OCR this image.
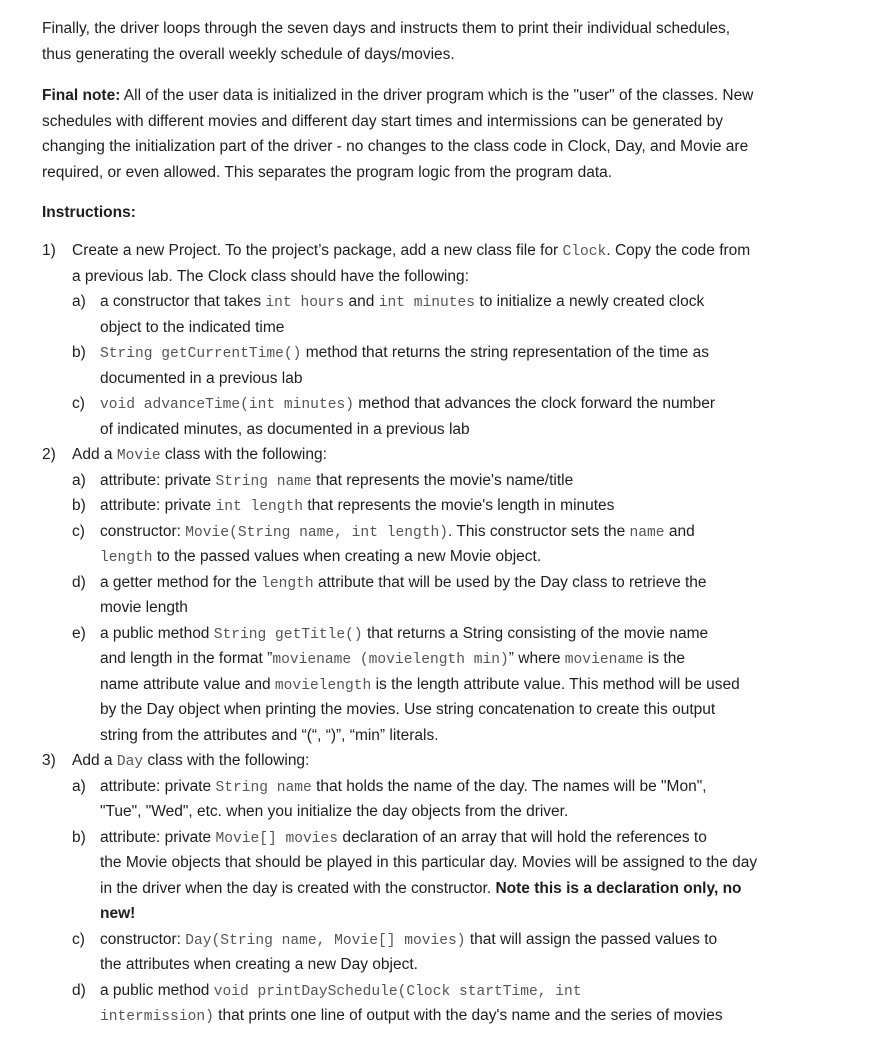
Finally, the driver loops through the seven days and instructs them to print their individual schedules,
thus generating the overall weekly schedule of days/movies.
Final note: All of the user data is initialized in the driver program which is the "user" of the classes. New
schedules with different movies and different day start times and intermissions can be generated by
changing the initialization part of the driver - no changes to the class code in Clock, Day, and Movie are
required, or even allowed. This separates the program logic from the program data.
Instructions:
1) Create a new Project. To the project’s package, add a new class file for Clock. Copy the code from
a previous lab. The Clock class should have the following:
a) a constructor that takes int hours and int minutes to initialize a newly created clock
object to the indicated time
b) String getCurrentTime() method that returns the string representation of the time as
documented in a previous lab
c) void advanceTime(int minutes) method that advances the clock forward the number
of indicated minutes, as documented in a previous lab
2) Add a Movie class with the following:
a) attribute: private String name that represents the movie's name/title
b) attribute: private int length that represents the movie's length in minutes
c) constructor: Movie(String name, int length). This constructor sets the name and
length to the passed values when creating a new Movie object.
d) a getter method for the length attribute that will be used by the Day class to retrieve the
movie length
e) a public method String getTitle() that returns a String consisting of the movie name
and length in the format ”moviename (movielength min)” where moviename is the
name attribute value and movielength is the length attribute value. This method will be used
by the Day object when printing the movies. Use string concatenation to create this output
string from the attributes and “(“, “)”, “min” literals.
3) Add a Day class with the following:
a) attribute: private String name that holds the name of the day. The names will be "Mon",
"Tue", "Wed", etc. when you initialize the day objects from the driver.
b) attribute: private Movie[] movies declaration of an array that will hold the references to
the Movie objects that should be played in this particular day. Movies will be assigned to the day
in the driver when the day is created with the constructor. Note this is a declaration only, no
new!
c) constructor: Day(String name, Movie[] movies) that will assign the passed values to
the attributes when creating a new Day object.
d) a public method void printDaySchedule(Clock startTime, int
intermission) that prints one line of output with the day's name and the series of movies
